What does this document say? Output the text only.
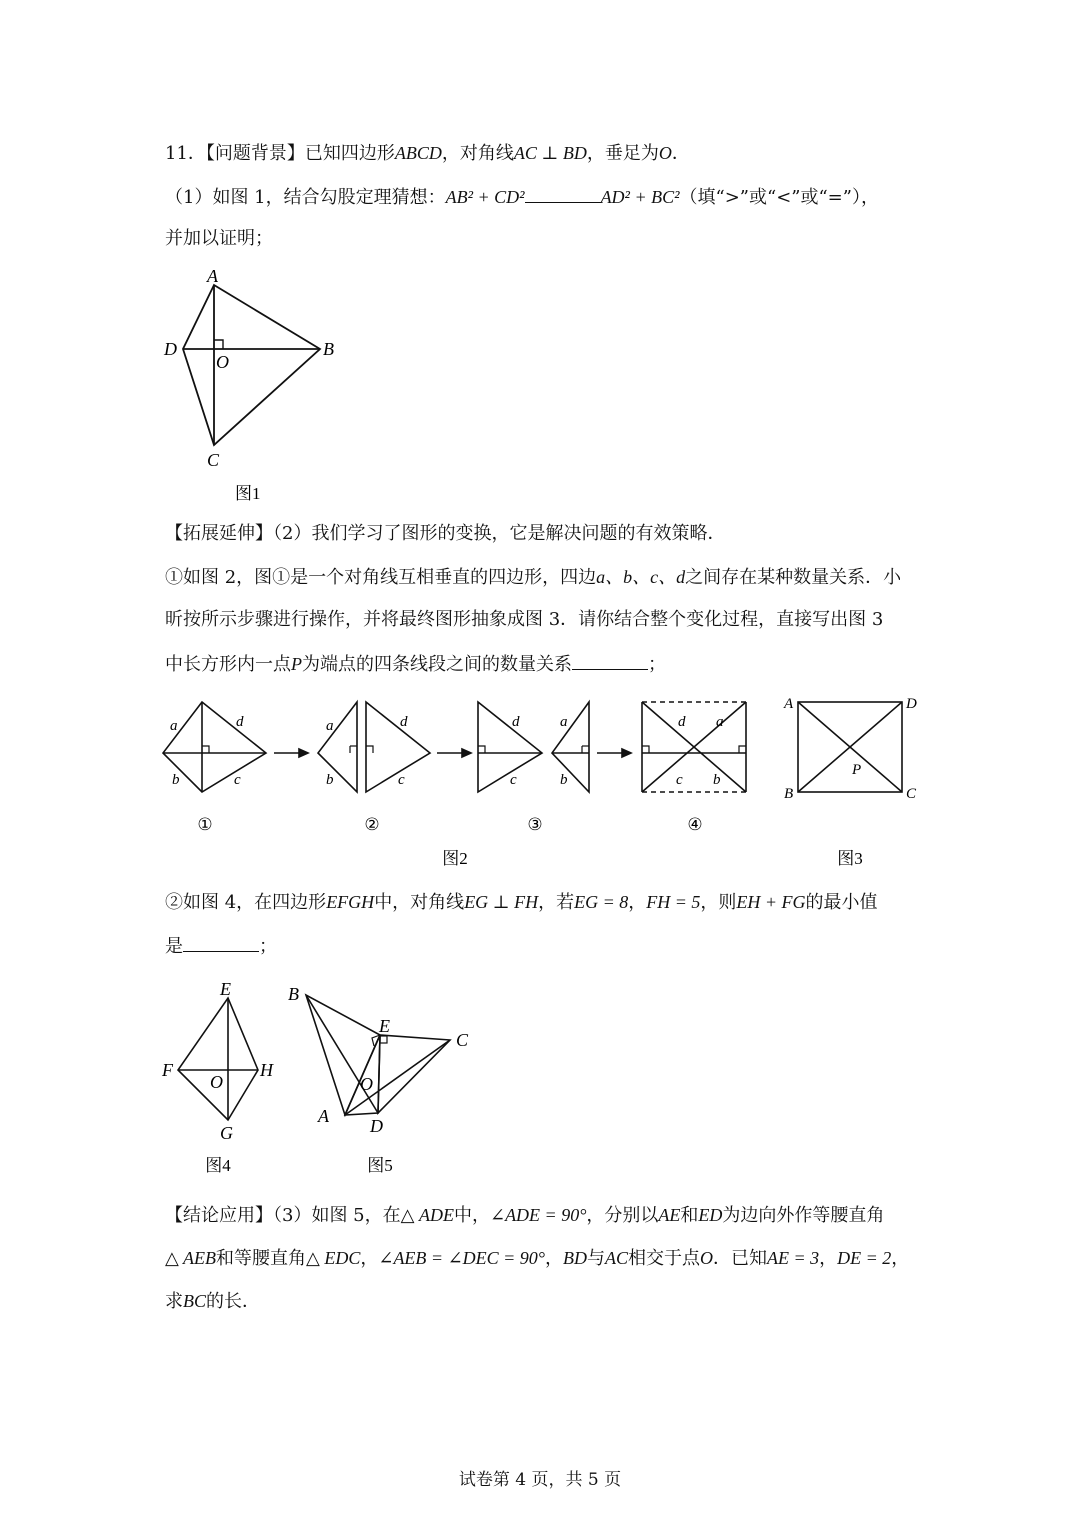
11．【问题背景】已知四边形ABCD，对角线AC ⊥ BD，垂足为O．
（1）如图 1，结合勾股定理猜想：AB² + CD²	AD² + BC²（填“>”或“<”或“=”），
并加以证明；
A
B
C
D
O
图1
【拓展延伸】（2）我们学习了图形的变换，它是解决问题的有效策略．
①如图 2，图①是一个对角线互相垂直的四边形，四边a、b、c、d之间存在某种数量关系．小
昕按所示步骤进行操作，并将最终图形抽象成图 3．请你结合整个变化过程，直接写出图 3
中长方形内一点P为端点的四条线段之间的数量关系	；
a	d
b	c
a	d
b	c
d
c
a
b
d a
c b
①	②	③	④
图2
A	D
B	C
P
图3
②如图 4，在四边形EFGH中，对角线EG ⊥ FH，若EG = 8，FH = 5，则EH + FG的最小值
是	；
E
F	H
G
O
图4
B
E
C
O
A D
图5
【结论应用】（3）如图 5，在△ ADE中，∠ADE = 90°，分别以AE和ED为边向外作等腰直角
△ AEB和等腰直角△ EDC，∠AEB = ∠DEC = 90°，BD与AC相交于点O．已知AE = 3，DE = 2，
求BC的长．
试卷第 4 页，共 5 页
